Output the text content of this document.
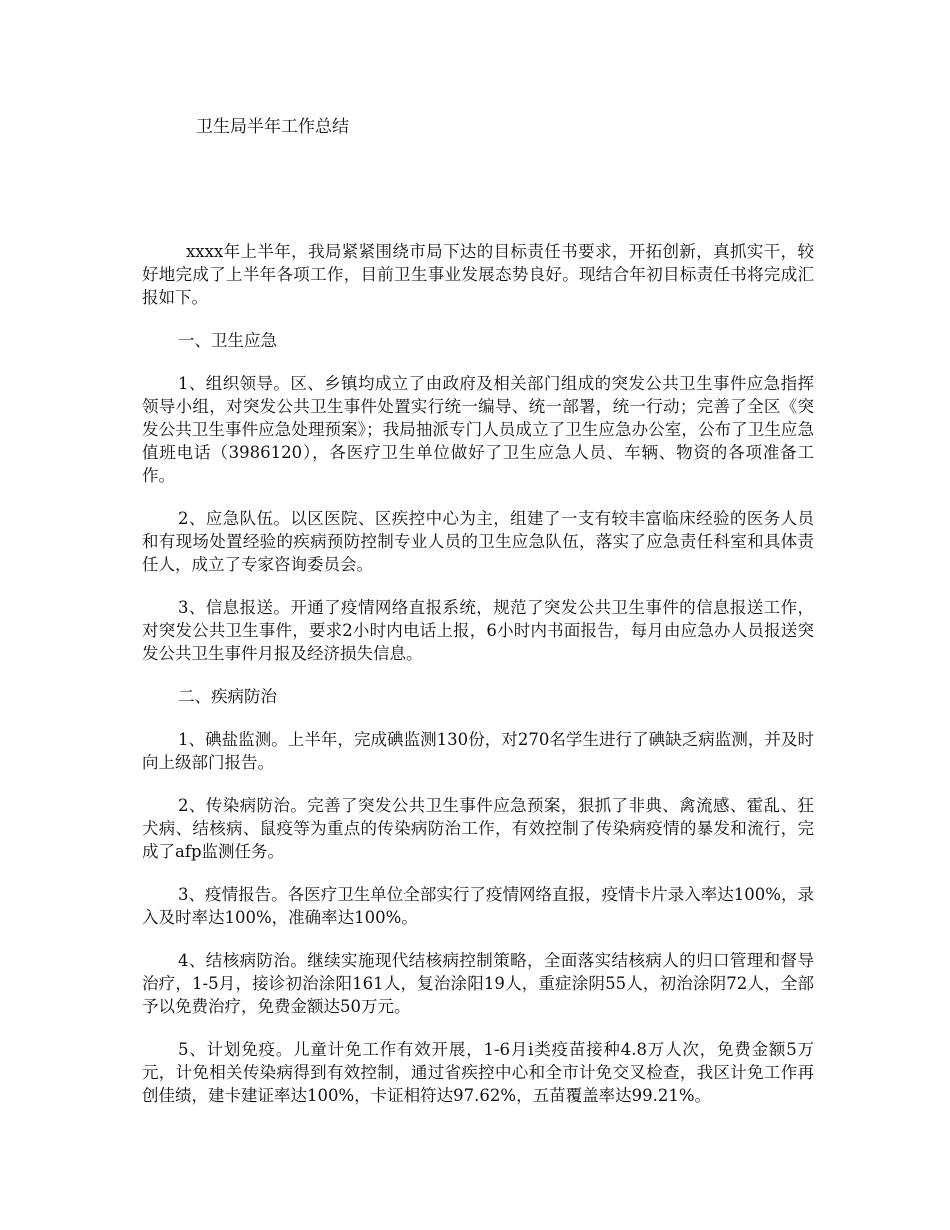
卫生局半年工作总结

xxxx年上半年，我局紧紧围绕市局下达的目标责任书要求，开拓创新，真抓实干，较好地完成了上半年各项工作，目前卫生事业发展态势良好。现结合年初目标责任书将完成汇报如下。

一、卫生应急

1、组织领导。区、乡镇均成立了由政府及相关部门组成的突发公共卫生事件应急指挥领导小组，对突发公共卫生事件处置实行统一编导、统一部署，统一行动；完善了全区《突发公共卫生事件应急处理预案》；我局抽派专门人员成立了卫生应急办公室，公布了卫生应急值班电话（3986120），各医疗卫生单位做好了卫生应急人员、车辆、物资的各项准备工作。

2、应急队伍。以区医院、区疾控中心为主，组建了一支有较丰富临床经验的医务人员和有现场处置经验的疾病预防控制专业人员的卫生应急队伍，落实了应急责任科室和具体责任人，成立了专家咨询委员会。

3、信息报送。开通了疫情网络直报系统，规范了突发公共卫生事件的信息报送工作，对突发公共卫生事件，要求2小时内电话上报，6小时内书面报告，每月由应急办人员报送突发公共卫生事件月报及经济损失信息。

二、疾病防治

1、碘盐监测。上半年，完成碘监测130份，对270名学生进行了碘缺乏病监测，并及时向上级部门报告。

2、传染病防治。完善了突发公共卫生事件应急预案，狠抓了非典、禽流感、霍乱、狂犬病、结核病、鼠疫等为重点的传染病防治工作，有效控制了传染病疫情的暴发和流行，完成了afp监测任务。

3、疫情报告。各医疗卫生单位全部实行了疫情网络直报，疫情卡片录入率达100%，录入及时率达100%，准确率达100%。

4、结核病防治。继续实施现代结核病控制策略，全面落实结核病人的归口管理和督导治疗，1-5月，接诊初治涂阳161人，复治涂阳19人，重症涂阴55人，初治涂阴72人，全部予以免费治疗，免费金额达50万元。

5、计划免疫。儿童计免工作有效开展，1-6月i类疫苗接种4.8万人次，免费金额5万元，计免相关传染病得到有效控制，通过省疾控中心和全市计免交叉检查，我区计免工作再创佳绩，建卡建证率达100%，卡证相符达97.62%，五苗覆盖率达99.21%。
